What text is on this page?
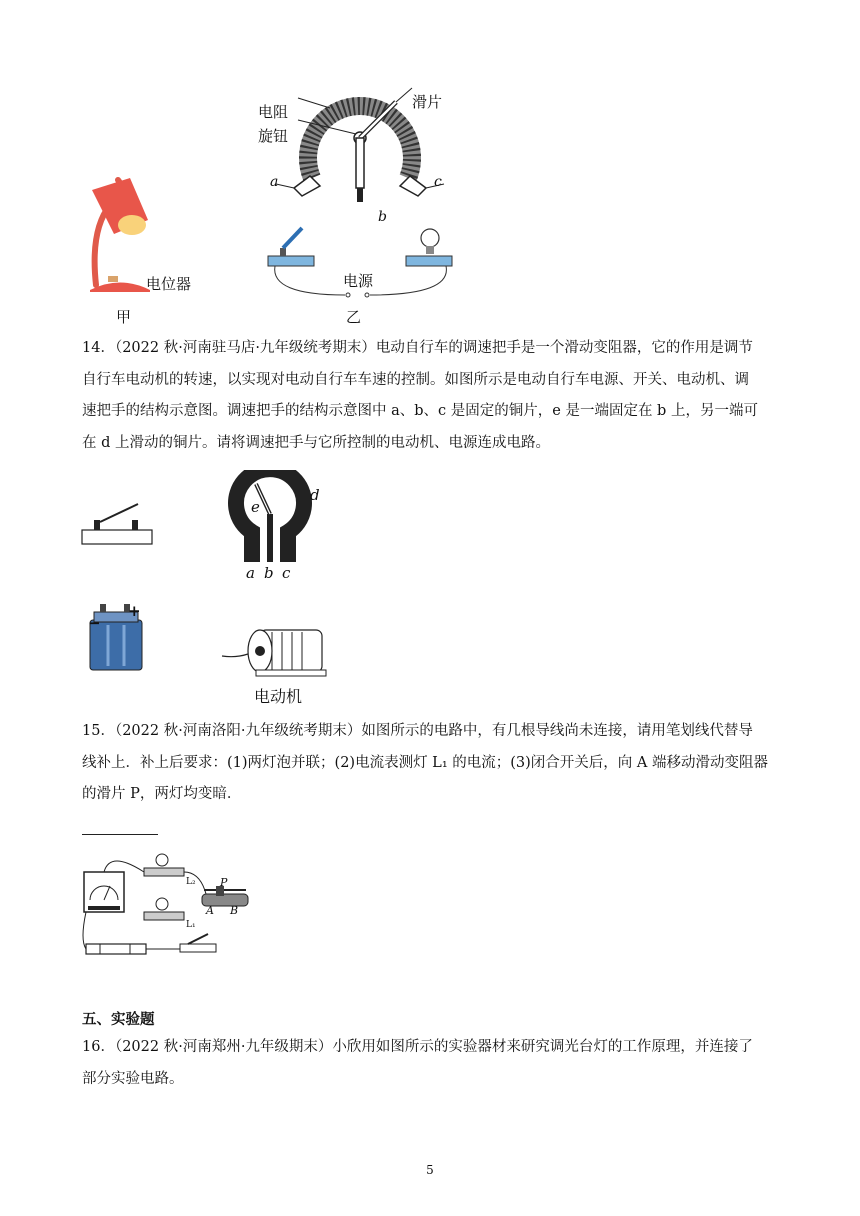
电阻
旋钮
滑片
a
b
c
电位器	电源
甲	乙
14．（2022 秋·河南驻马店·九年级统考期末）电动自行车的调速把手是一个滑动变阻器，它的作用是调节
自行车电动机的转速，以实现对电动自行车车速的控制。如图所示是电动自行车电源、开关、电动机、调
速把手的结构示意图。调速把手的结构示意图中 a、b、c 是固定的铜片，e 是一端固定在 b 上，另一端可
在 d 上滑动的铜片。请将调速把手与它所控制的电动机、电源连成电路。
d
e
a b c
+
−
电动机
15．（2022 秋·河南洛阳·九年级统考期末）如图所示的电路中，有几根导线尚未连接，请用笔划线代替导
线补上．补上后要求：(1)两灯泡并联；(2)电流表测灯 L₁ 的电流；(3)闭合开关后，向 A 端移动滑动变阻器
的滑片 P，两灯均变暗．
P
A B
L₂
L₁
五、实验题
16．（2022 秋·河南郑州·九年级期末）小欣用如图所示的实验器材来研究调光台灯的工作原理，并连接了
部分实验电路。
5
